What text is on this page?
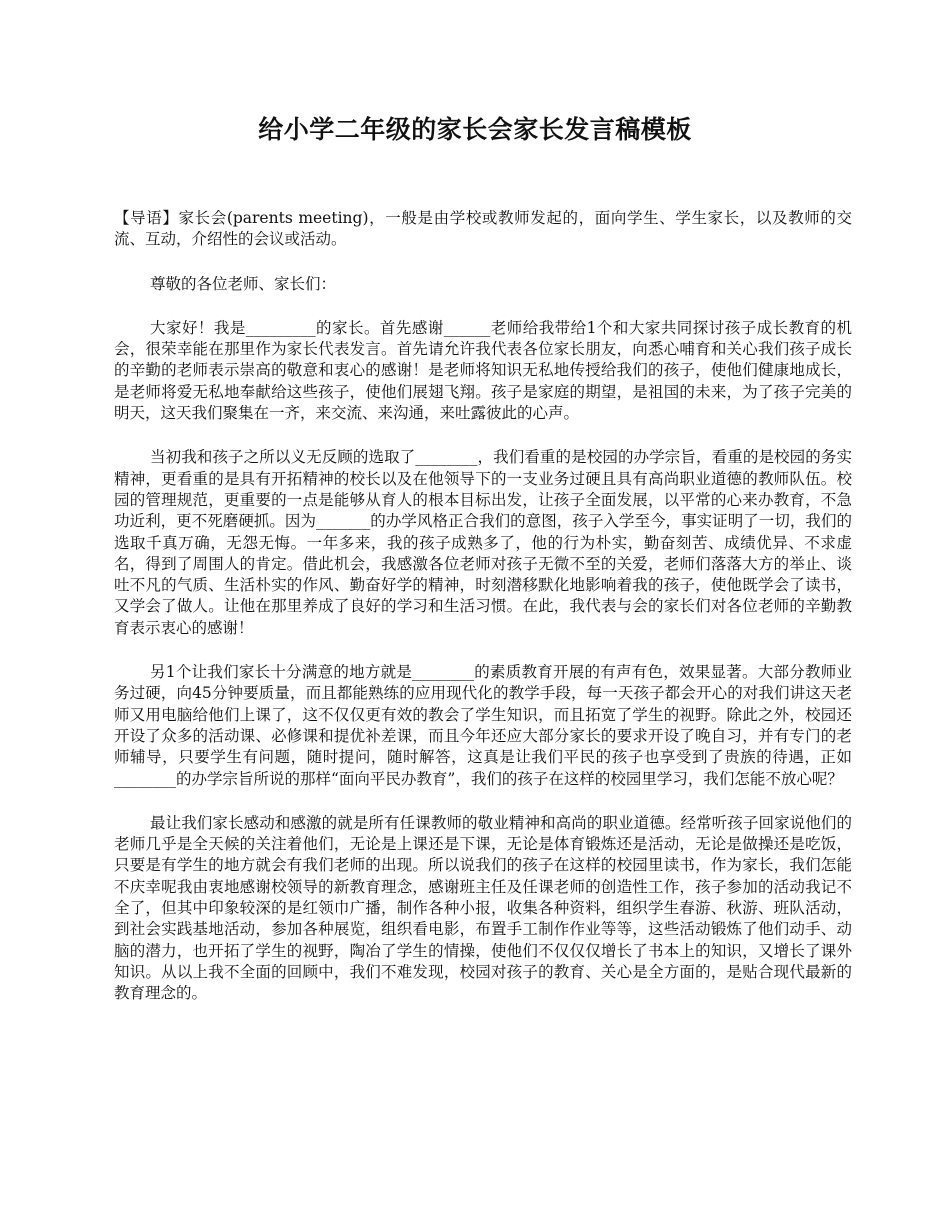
给小学二年级的家长会家长发言稿模板

【导语】家长会(parents meeting)，一般是由学校或教师发起的，面向学生、学生家长，以及教师的交流、互动，介绍性的会议或活动。

尊敬的各位老师、家长们：

大家好！我是_________的家长。首先感谢______老师给我带给1个和大家共同探讨孩子成长教育的机会，很荣幸能在那里作为家长代表发言。首先请允许我代表各位家长朋友，向悉心哺育和关心我们孩子成长的辛勤的老师表示崇高的敬意和衷心的感谢！是老师将知识无私地传授给我们的孩子，使他们健康地成长，是老师将爱无私地奉献给这些孩子，使他们展翅飞翔。孩子是家庭的期望，是祖国的未来，为了孩子完美的明天，这天我们聚集在一齐，来交流、来沟通，来吐露彼此的心声。

当初我和孩子之所以义无反顾的选取了________，我们看重的是校园的办学宗旨，看重的是校园的务实精神，更看重的是具有开拓精神的校长以及在他领导下的一支业务过硬且具有高尚职业道德的教师队伍。校园的管理规范，更重要的一点是能够从育人的根本目标出发，让孩子全面发展，以平常的心来办教育，不急功近利，更不死磨硬抓。因为_______的办学风格正合我们的意图，孩子入学至今，事实证明了一切，我们的选取千真万确，无怨无悔。一年多来，我的孩子成熟多了，他的行为朴实，勤奋刻苦、成绩优异、不求虚名，得到了周围人的肯定。借此机会，我感激各位老师对孩子无微不至的关爱，老师们落落大方的举止、谈吐不凡的气质、生活朴实的作风、勤奋好学的精神，时刻潜移默化地影响着我的孩子，使他既学会了读书，又学会了做人。让他在那里养成了良好的学习和生活习惯。在此，我代表与会的家长们对各位老师的辛勤教育表示衷心的感谢！

另1个让我们家长十分满意的地方就是________的素质教育开展的有声有色，效果显著。大部分教师业务过硬，向45分钟要质量，而且都能熟练的应用现代化的教学手段，每一天孩子都会开心的对我们讲这天老师又用电脑给他们上课了，这不仅仅更有效的教会了学生知识，而且拓宽了学生的视野。除此之外，校园还开设了众多的活动课、必修课和提优补差课，而且今年还应大部分家长的要求开设了晚自习，并有专门的老师辅导，只要学生有问题，随时提问，随时解答，这真是让我们平民的孩子也享受到了贵族的待遇，正如________的办学宗旨所说的那样“面向平民办教育”，我们的孩子在这样的校园里学习，我们怎能不放心呢？

最让我们家长感动和感激的就是所有任课教师的敬业精神和高尚的职业道德。经常听孩子回家说他们的老师几乎是全天候的关注着他们，无论是上课还是下课，无论是体育锻炼还是活动，无论是做操还是吃饭，只要是有学生的地方就会有我们老师的出现。所以说我们的孩子在这样的校园里读书，作为家长，我们怎能不庆幸呢我由衷地感谢校领导的新教育理念，感谢班主任及任课老师的创造性工作，孩子参加的活动我记不全了，但其中印象较深的是红领巾广播，制作各种小报，收集各种资料，组织学生春游、秋游、班队活动，到社会实践基地活动，参加各种展览，组织看电影，布置手工制作作业等等，这些活动锻炼了他们动手、动脑的潜力，也开拓了学生的视野，陶冶了学生的情操，使他们不仅仅仅增长了书本上的知识，又增长了课外知识。从以上我不全面的回顾中，我们不难发现，校园对孩子的教育、关心是全方面的，是贴合现代最新的教育理念的。
